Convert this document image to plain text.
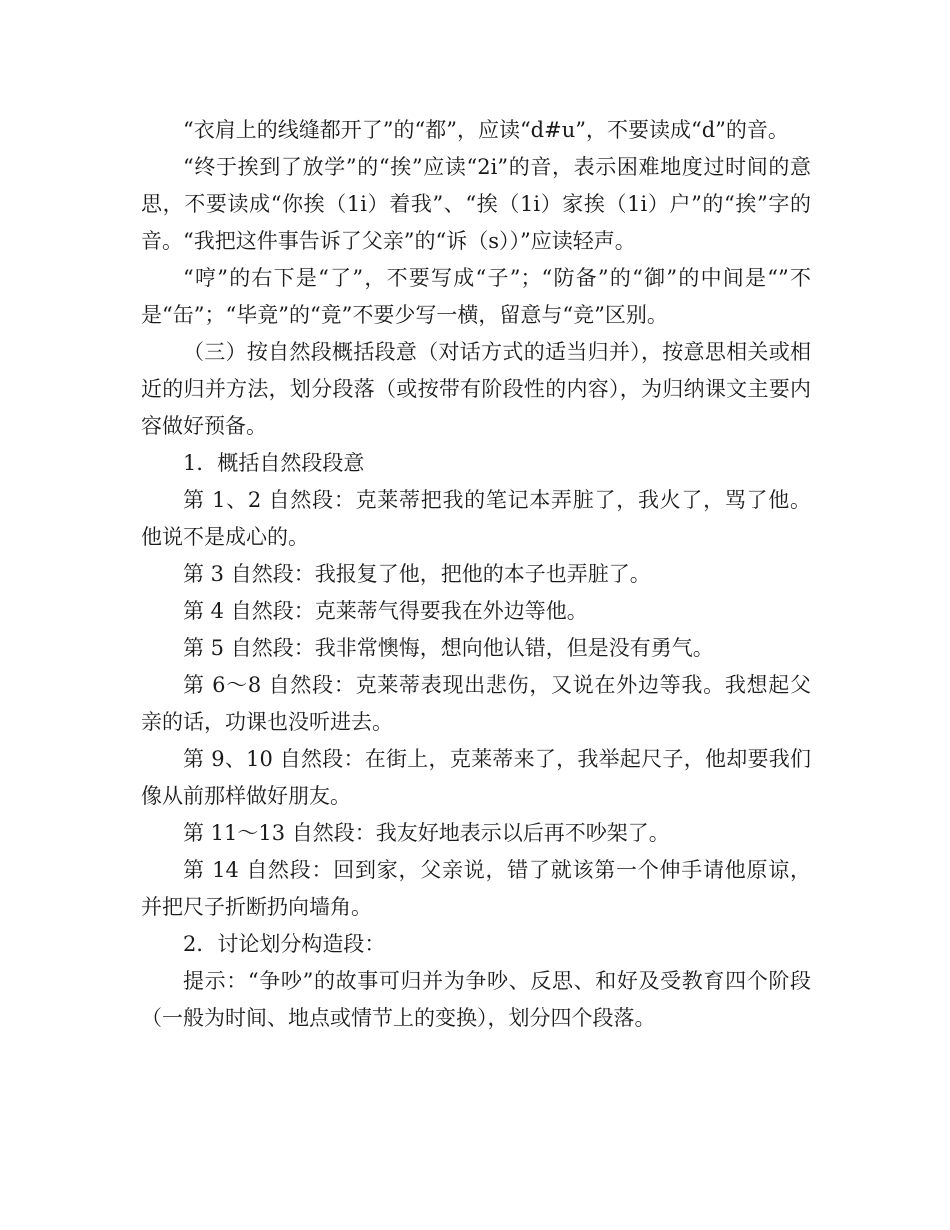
“衣肩上的线缝都开了”的“都”，应读“d#u”，不要读成“d”的音。

“终于挨到了放学”的“挨”应读“2i”的音，表示困难地度过时间的意思，不要读成“你挨（1i）着我”、“挨（1i）家挨（1i）户”的“挨”字的音。“我把这件事告诉了父亲”的“诉（s））”应读轻声。

“哼”的右下是“了”，不要写成“子”；“防备”的“御”的中间是“”不是“缶”；“毕竟”的“竟”不要少写一横，留意与“竞”区别。

（三）按自然段概括段意（对话方式的适当归并），按意思相关或相近的归并方法，划分段落（或按带有阶段性的内容），为归纳课文主要内容做好预备。

1．概括自然段段意

第 1、2 自然段：克莱蒂把我的笔记本弄脏了，我火了，骂了他。他说不是成心的。

第 3 自然段：我报复了他，把他的本子也弄脏了。

第 4 自然段：克莱蒂气得要我在外边等他。

第 5 自然段：我非常懊悔，想向他认错，但是没有勇气。

第 6～8 自然段：克莱蒂表现出悲伤，又说在外边等我。我想起父亲的话，功课也没听进去。

第 9、10 自然段：在街上，克莱蒂来了，我举起尺子，他却要我们像从前那样做好朋友。

第 11～13 自然段：我友好地表示以后再不吵架了。

第 14 自然段：回到家，父亲说，错了就该第一个伸手请他原谅，并把尺子折断扔向墙角。

2．讨论划分构造段：

提示：“争吵”的故事可归并为争吵、反思、和好及受教育四个阶段（一般为时间、地点或情节上的变换），划分四个段落。
